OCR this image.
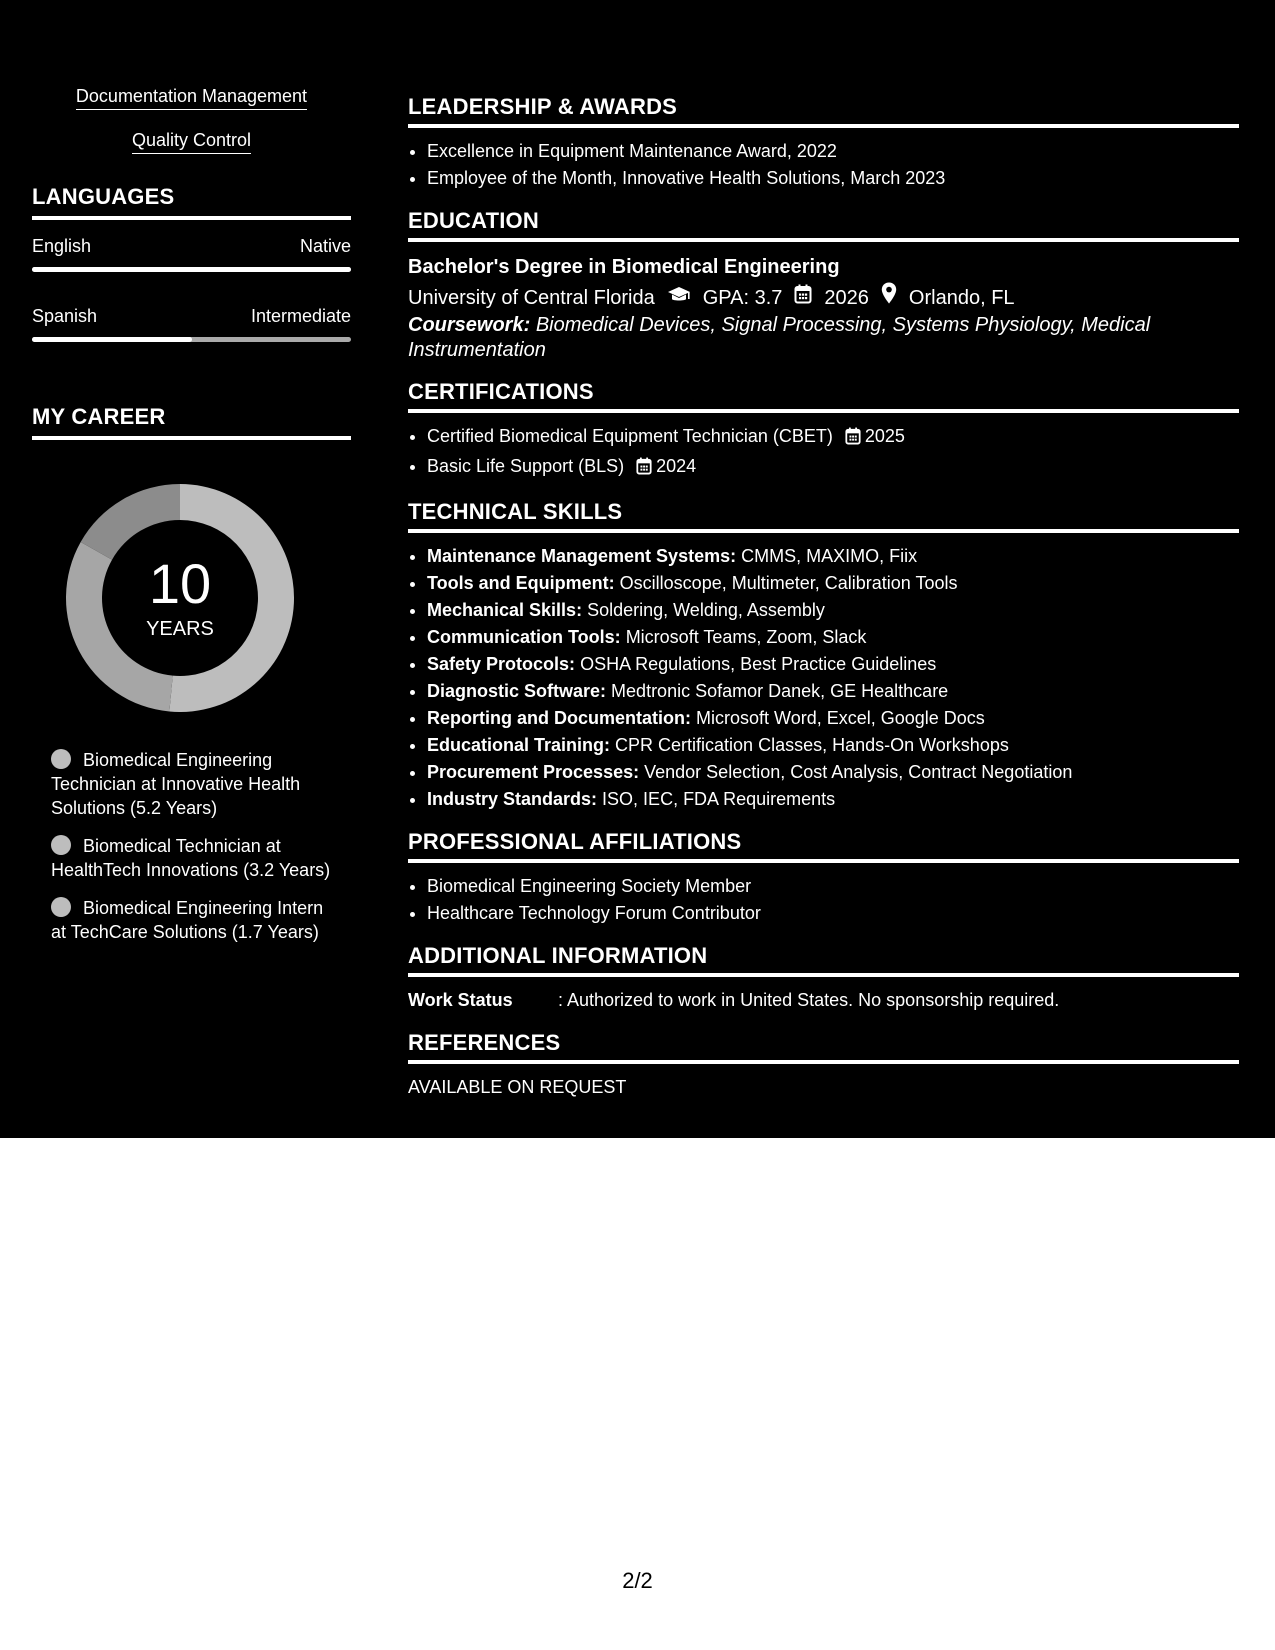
Documentation Management
Quality Control
LANGUAGES
English	Native
Spanish	Intermediate
MY CAREER
10
YEARS
Biomedical Engineering Technician at Innovative Health Solutions (5.2 Years)
Biomedical Technician at HealthTech Innovations (3.2 Years)
Biomedical Engineering Intern at TechCare Solutions (1.7 Years)
LEADERSHIP & AWARDS
• Excellence in Equipment Maintenance Award, 2022
• Employee of the Month, Innovative Health Solutions, March 2023
EDUCATION
Bachelor's Degree in Biomedical Engineering
University of Central Florida GPA: 3.7 2026 Orlando, FL
Coursework: Biomedical Devices, Signal Processing, Systems Physiology, Medical Instrumentation
CERTIFICATIONS
• Certified Biomedical Equipment Technician (CBET) 2025
• Basic Life Support (BLS) 2024
TECHNICAL SKILLS
• Maintenance Management Systems: CMMS, MAXIMO, Fiix
• Tools and Equipment: Oscilloscope, Multimeter, Calibration Tools
• Mechanical Skills: Soldering, Welding, Assembly
• Communication Tools: Microsoft Teams, Zoom, Slack
• Safety Protocols: OSHA Regulations, Best Practice Guidelines
• Diagnostic Software: Medtronic Sofamor Danek, GE Healthcare
• Reporting and Documentation: Microsoft Word, Excel, Google Docs
• Educational Training: CPR Certification Classes, Hands-On Workshops
• Procurement Processes: Vendor Selection, Cost Analysis, Contract Negotiation
• Industry Standards: ISO, IEC, FDA Requirements
PROFESSIONAL AFFILIATIONS
• Biomedical Engineering Society Member
• Healthcare Technology Forum Contributor
ADDITIONAL INFORMATION
Work Status	: Authorized to work in United States. No sponsorship required.
REFERENCES
AVAILABLE ON REQUEST
2/2
